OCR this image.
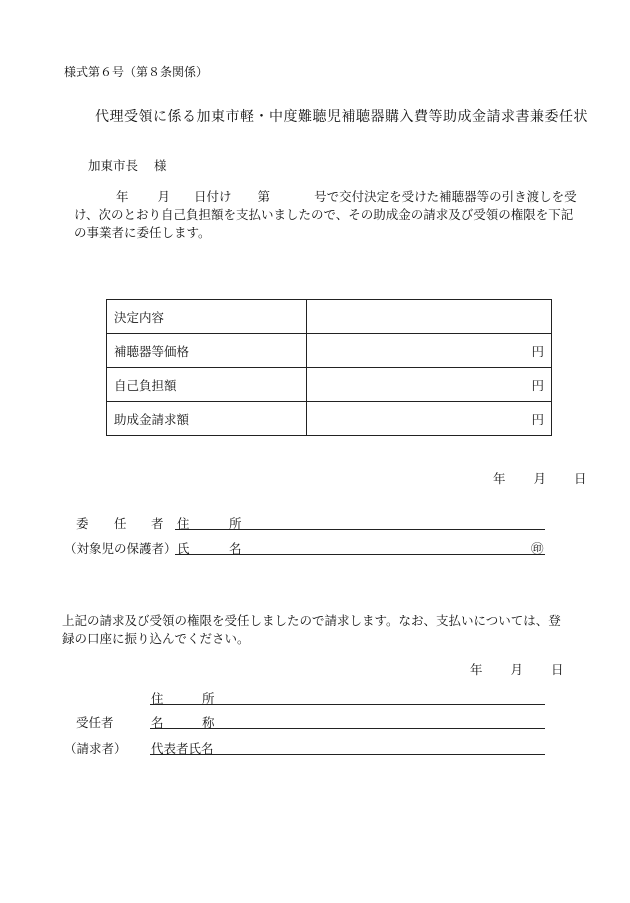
様式第６号（第８条関係）
代理受領に係る加東市軽・中度難聴児補聴器購入費等助成金請求書兼委任状
加東市長 様
年 月 日付け 第	号で交付決定を受けた補聴器等の引き渡しを受
け、次のとおり自己負担額を支払いましたので、その助成金の請求及び受領の権限を下記
の事業者に委任します。
決定内容	
補聴器等価格	円
自己負担額	円
助成金請求額	円
年 月 日
委 任 者 住	所
（対象児の保護者） 氏	名	㊞
上記の請求及び受領の権限を受任しましたので請求します。なお、支払いについては、登
録の口座に振り込んでください。
年 月 日
住	所
受任者	名	称
（請求者） 代表者氏名
